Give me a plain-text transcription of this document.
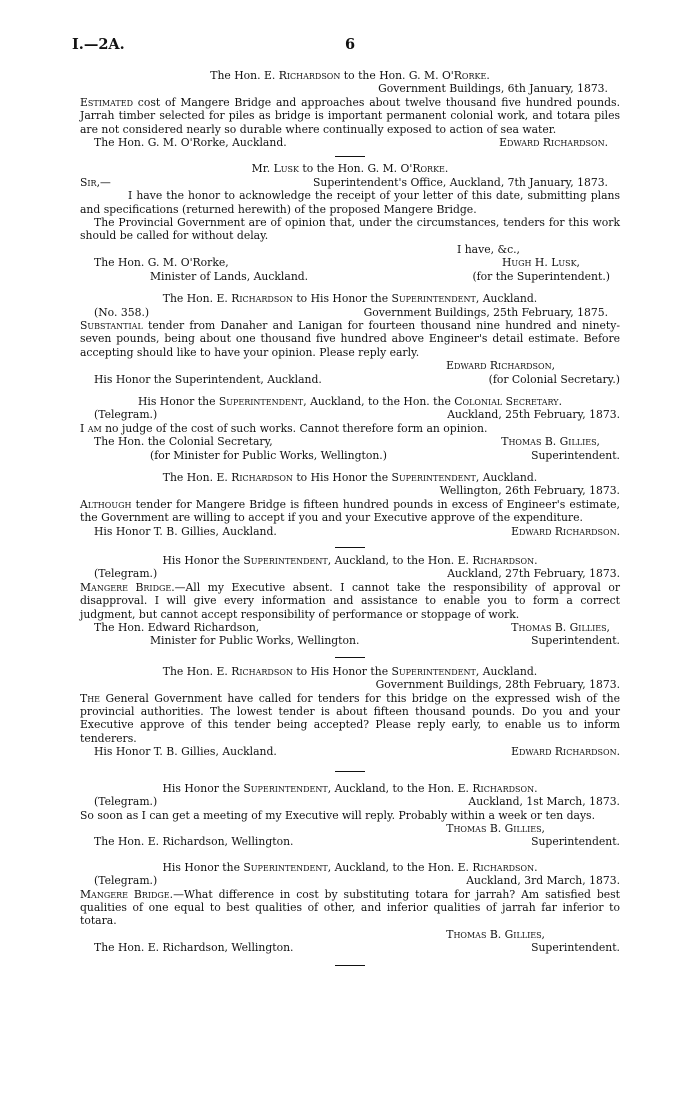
I.—2A.	6
The Hon. E. Richardson to the Hon. G. M. O'Rorke.
Government Buildings, 6th January, 1873.
Estimated cost of Mangere Bridge and approaches about twelve thousand five hundred pounds. Jarrah timber selected for piles as bridge is important permanent colonial work, and totara piles are not considered nearly so durable where continually exposed to action of sea water.
The Hon. G. M. O'Rorke, Auckland.	Edward Richardson.
Mr. Lusk to the Hon. G. M. O'Rorke.
Sir,—	Superintendent's Office, Auckland, 7th January, 1873.
I have the honor to acknowledge the receipt of your letter of this date, submitting plans and specifications (returned herewith) of the proposed Mangere Bridge.
The Provincial Government are of opinion that, under the circumstances, tenders for this work should be called for without delay.
I have, &c.,
The Hon. G. M. O'Rorke,	Hugh H. Lusk,
Minister of Lands, Auckland.	(for the Superintendent.)
The Hon. E. Richardson to His Honor the Superintendent, Auckland.
(No. 358.)	Government Buildings, 25th February, 1875.
Substantial tender from Danaher and Lanigan for fourteen thousand nine hundred and ninety-seven pounds, being about one thousand five hundred above Engineer's detail estimate. Before accepting should like to have your opinion. Please reply early.
Edward Richardson,
His Honor the Superintendent, Auckland.	(for Colonial Secretary.)
His Honor the Superintendent, Auckland, to the Hon. the Colonial Secretary.
(Telegram.)	Auckland, 25th February, 1873.
I am no judge of the cost of such works. Cannot therefore form an opinion.
The Hon. the Colonial Secretary,	Thomas B. Gillies,
(for Minister for Public Works, Wellington.)	Superintendent.
The Hon. E. Richardson to His Honor the Superintendent, Auckland.
Wellington, 26th February, 1873.
Although tender for Mangere Bridge is fifteen hundred pounds in excess of Engineer's estimate, the Government are willing to accept if you and your Executive approve of the expenditure.
His Honor T. B. Gillies, Auckland.	Edward Richardson.
His Honor the Superintendent, Auckland, to the Hon. E. Richardson.
(Telegram.)	Auckland, 27th February, 1873.
Mangere Bridge.—All my Executive absent. I cannot take the responsibility of approval or disapproval. I will give every information and assistance to enable you to form a correct judgment, but cannot accept responsibility of performance or stoppage of work.
The Hon. Edward Richardson,	Thomas B. Gillies,
Minister for Public Works, Wellington.	Superintendent.
The Hon. E. Richardson to His Honor the Superintendent, Auckland.
Government Buildings, 28th February, 1873.
The General Government have called for tenders for this bridge on the expressed wish of the provincial authorities. The lowest tender is about fifteen thousand pounds. Do you and your Executive approve of this tender being accepted? Please reply early, to enable us to inform tenderers.
His Honor T. B. Gillies, Auckland.	Edward Richardson.
His Honor the Superintendent, Auckland, to the Hon. E. Richardson.
(Telegram.)	Auckland, 1st March, 1873.
So soon as I can get a meeting of my Executive will reply. Probably within a week or ten days.
Thomas B. Gillies,
The Hon. E. Richardson, Wellington.	Superintendent.
His Honor the Superintendent, Auckland, to the Hon. E. Richardson.
(Telegram.)	Auckland, 3rd March, 1873.
Mangere Bridge.—What difference in cost by substituting totara for jarrah? Am satisfied best qualities of one equal to best qualities of other, and inferior qualities of jarrah far inferior to totara.
Thomas B. Gillies,
The Hon. E. Richardson, Wellington.	Superintendent.
